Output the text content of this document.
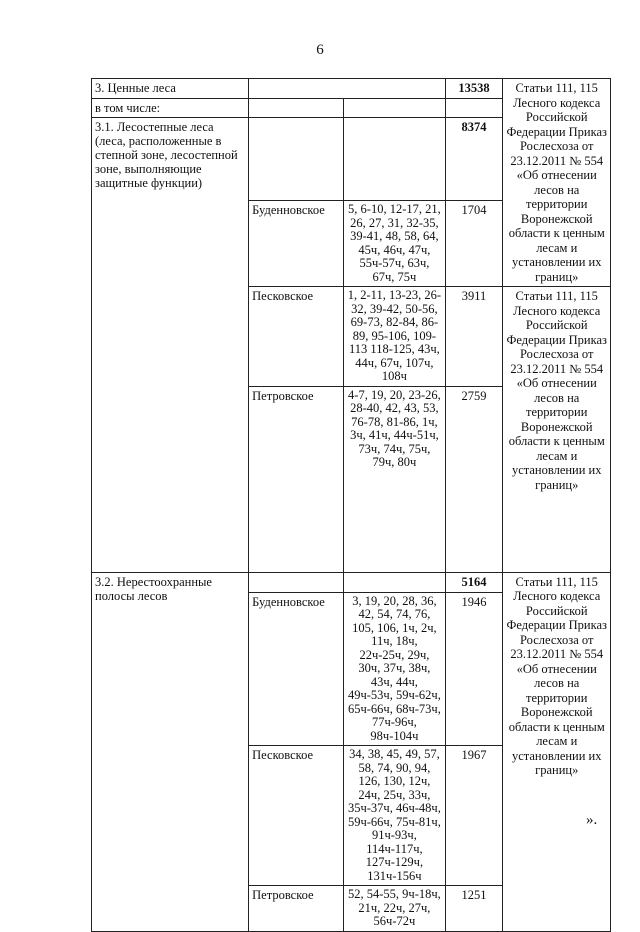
6
3. Ценные леса			13538	Статьи 111, 115 Лесного кодекса Российской Федерации Приказ Рослесхоза от 23.12.2011 № 554 «Об отнесении лесов на территории Воронежской области к ценным лесам и установлении их границ»
в том числе:				
3.1. Лесостепные леса (леса, расположенные в степной зоне, лесостепной зоне, выполняющие защитные функции)			8374	
	Буденновское	5, 6-10, 12-17, 21, 26, 27, 31, 32-35, 39-41, 48, 58, 64, 45ч, 46ч, 47ч, 55ч-57ч, 63ч, 67ч, 75ч	1704	
	Песковское	1, 2-11, 13-23, 26-32, 39-42, 50-56, 69-73, 82-84, 86-89, 95-106, 109-113 118-125, 43ч, 44ч, 67ч, 107ч, 108ч	3911	Статьи 111, 115 Лесного кодекса Российской Федерации Приказ Рослесхоза от 23.12.2011 № 554 «Об отнесении лесов на территории Воронежской области к ценным лесам и установлении их границ»
	Петровское	4-7, 19, 20, 23-26, 28-40, 42, 43, 53, 76-78, 81-86, 1ч, 3ч, 41ч, 44ч-51ч, 73ч, 74ч, 75ч, 79ч, 80ч	2759	
3.2. Нерестоохранные полосы лесов			5164	Статьи 111, 115 Лесного кодекса Российской Федерации Приказ Рослесхоза от 23.12.2011 № 554 «Об отнесении лесов на территории Воронежской области к ценным лесам и установлении их границ»
	Буденновское	3, 19, 20, 28, 36, 42, 54, 74, 76, 105, 106, 1ч, 2ч, 11ч, 18ч, 22ч-25ч, 29ч, 30ч, 37ч, 38ч, 43ч, 44ч, 49ч-53ч, 59ч-62ч, 65ч-66ч, 68ч-73ч, 77ч-96ч, 98ч-104ч	1946	
	Песковское	34, 38, 45, 49, 57, 58, 74, 90, 94, 126, 130, 12ч, 24ч, 25ч, 33ч, 35ч-37ч, 46ч-48ч, 59ч-66ч, 75ч-81ч, 91ч-93ч, 114ч-117ч, 127ч-129ч, 131ч-156ч	1967	
	Петровское	52, 54-55, 9ч-18ч, 21ч, 22ч, 27ч, 56ч-72ч	1251	
».
